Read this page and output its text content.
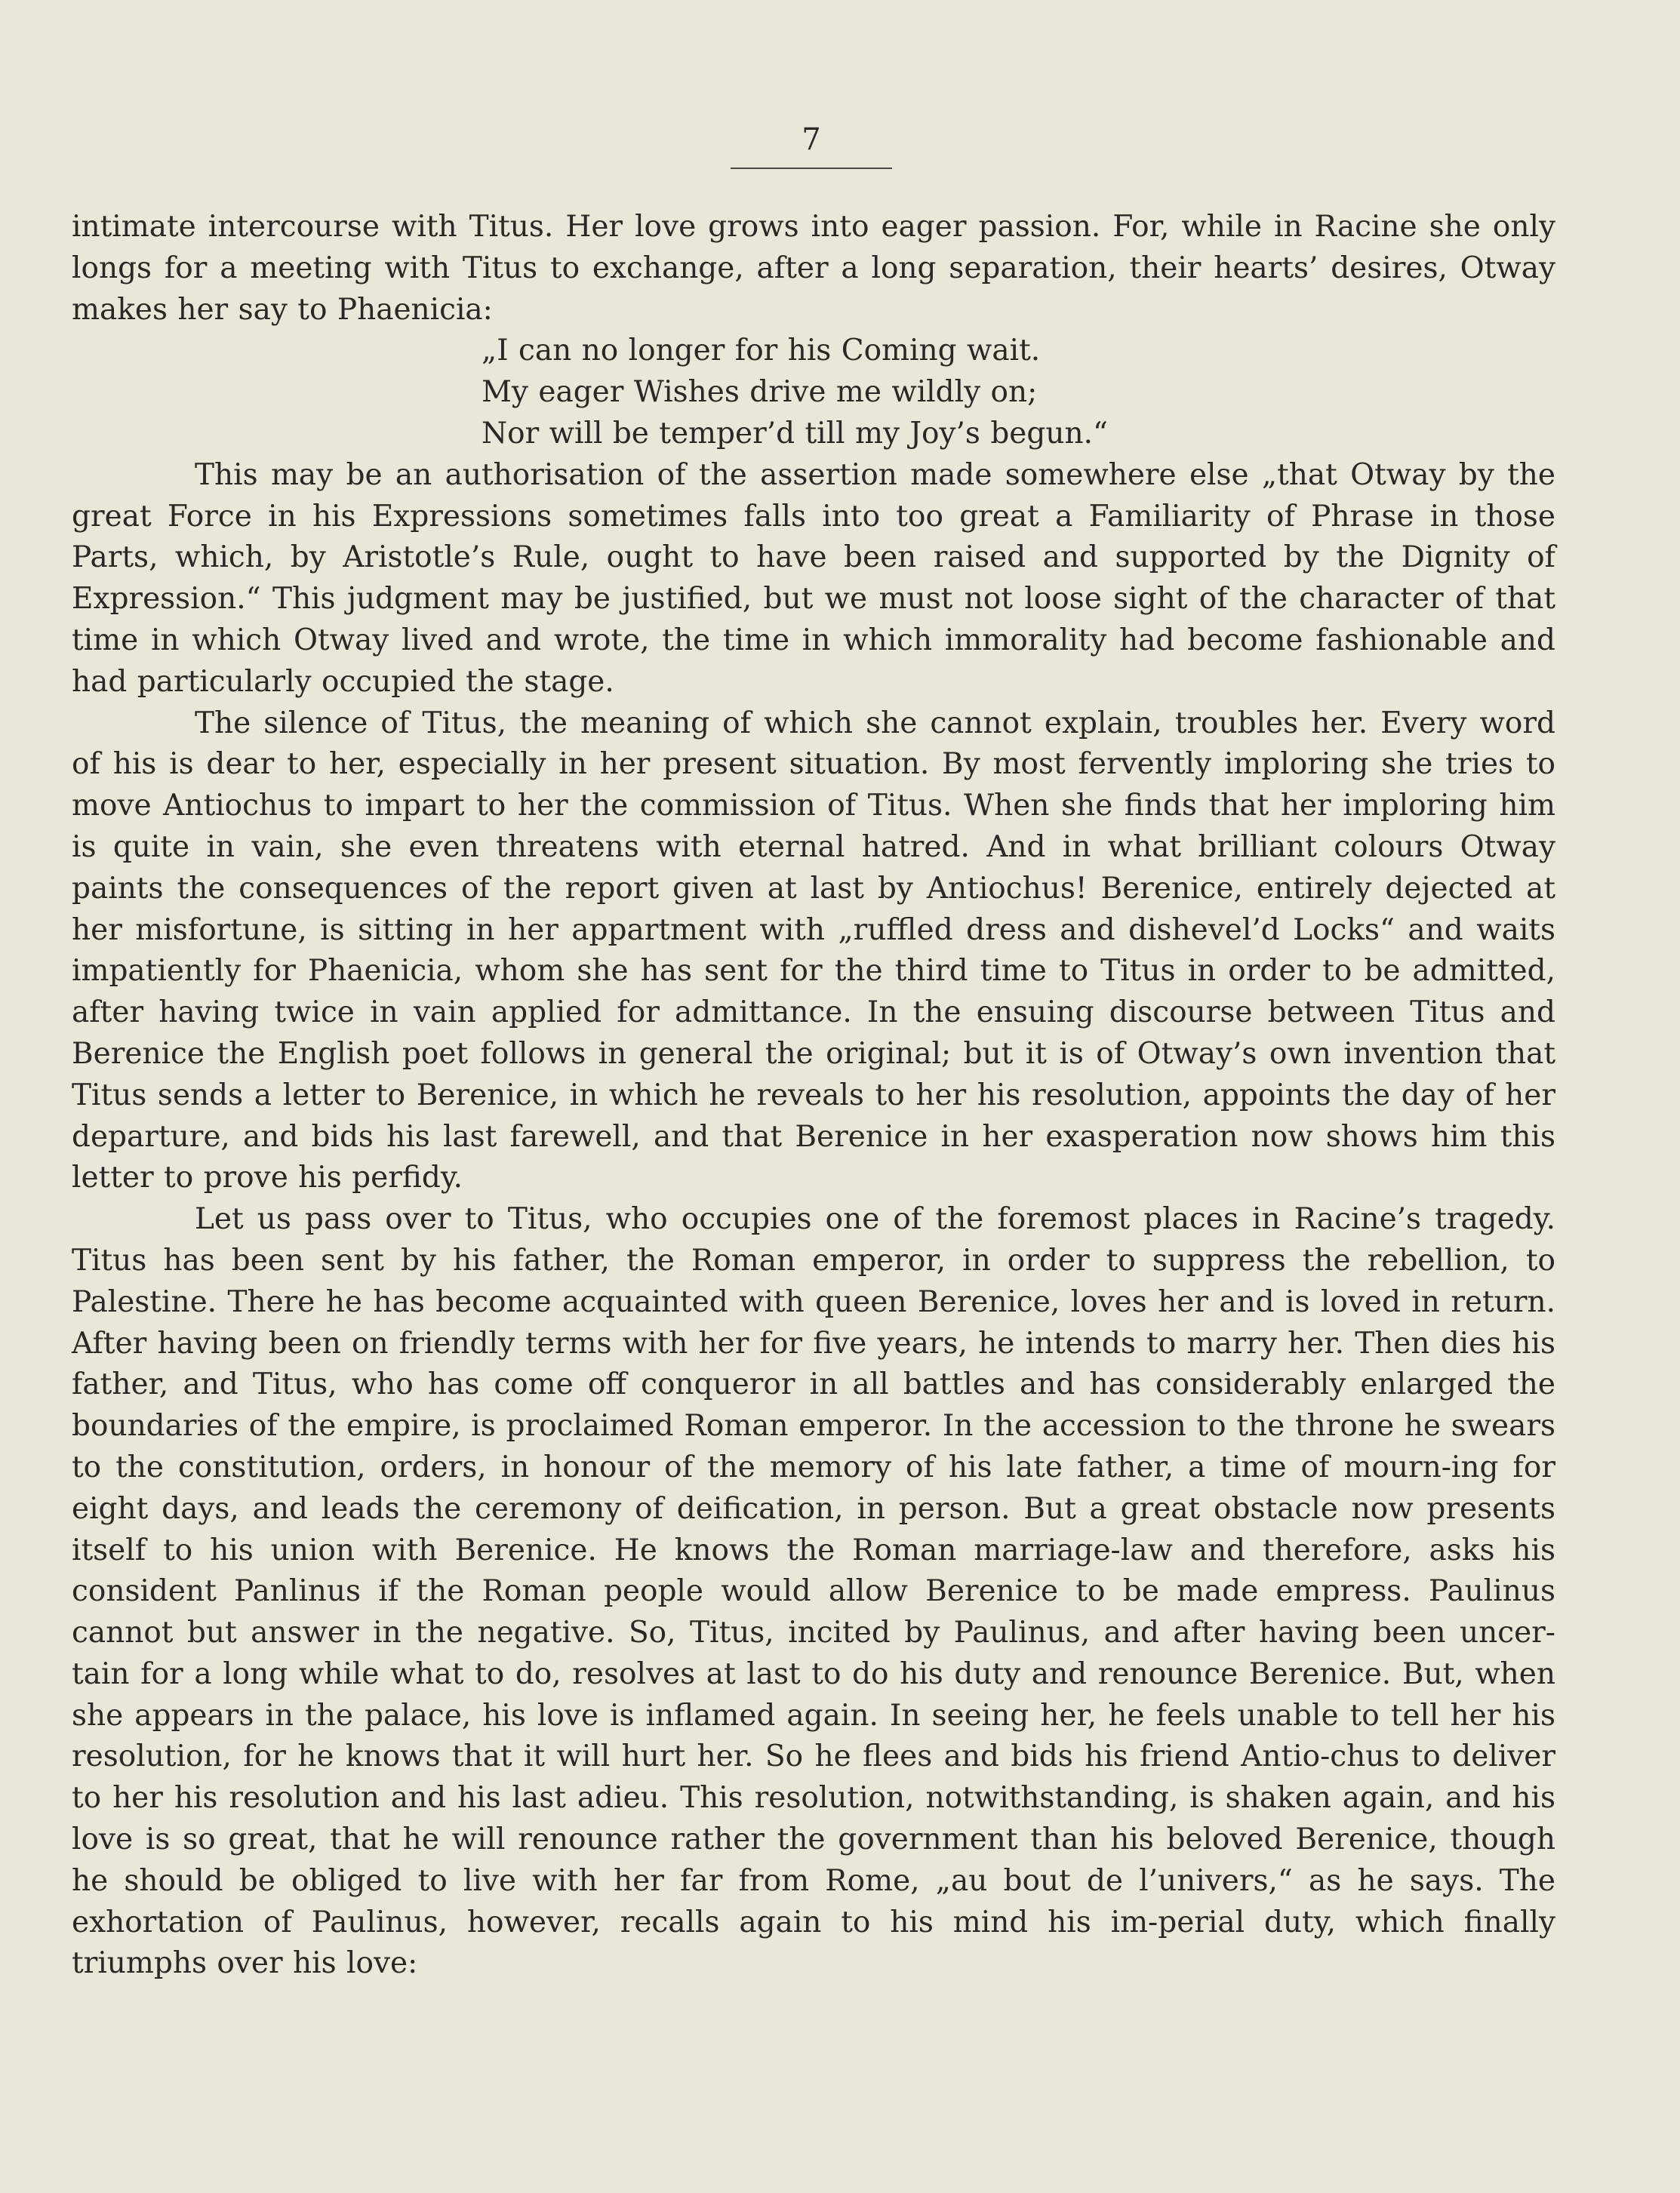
7

intimate intercourse with Titus. Her love grows into eager passion. For, while in Racine she only longs for a meeting with Titus to exchange, after a long separation, their hearts’ desires, Otway makes her say to Phaenicia:

„I can no longer for his Coming wait.
My eager Wishes drive me wildly on;
Nor will be temper’d till my Joy’s begun.“

This may be an authorisation of the assertion made somewhere else „that Otway by the great Force in his Expressions sometimes falls into too great a Familiarity of Phrase in those Parts, which, by Aristotle’s Rule, ought to have been raised and supported by the Dignity of Expression.“ This judgment may be justified, but we must not loose sight of the character of that time in which Otway lived and wrote, the time in which immorality had become fashionable and had particularly occupied the stage.

The silence of Titus, the meaning of which she cannot explain, troubles her. Every word of his is dear to her, especially in her present situation. By most fervently imploring she tries to move Antiochus to impart to her the commission of Titus. When she finds that her imploring him is quite in vain, she even threatens with eternal hatred. And in what brilliant colours Otway paints the consequences of the report given at last by Antiochus! Berenice, entirely dejected at her misfortune, is sitting in her appartment with „ruffled dress and dishevel’d Locks“ and waits impatiently for Phaenicia, whom she has sent for the third time to Titus in order to be admitted, after having twice in vain applied for admittance. In the ensuing discourse between Titus and Berenice the English poet follows in general the original; but it is of Otway’s own invention that Titus sends a letter to Berenice, in which he reveals to her his resolution, appoints the day of her departure, and bids his last farewell, and that Berenice in her exasperation now shows him this letter to prove his perfidy.

Let us pass over to Titus, who occupies one of the foremost places in Racine’s tragedy. Titus has been sent by his father, the Roman emperor, in order to suppress the rebellion, to Palestine. There he has become acquainted with queen Berenice, loves her and is loved in return. After having been on friendly terms with her for five years, he intends to marry her. Then dies his father, and Titus, who has come off conqueror in all battles and has considerably enlarged the boundaries of the empire, is proclaimed Roman emperor. In the accession to the throne he swears to the constitution, orders, in honour of the memory of his late father, a time of mourn-ing for eight days, and leads the ceremony of deification, in person. But a great obstacle now presents itself to his union with Berenice. He knows the Roman marriage-law and therefore, asks his consident Panlinus if the Roman people would allow Berenice to be made empress. Paulinus cannot but answer in the negative. So, Titus, incited by Paulinus, and after having been uncer-tain for a long while what to do, resolves at last to do his duty and renounce Berenice. But, when she appears in the palace, his love is inflamed again. In seeing her, he feels unable to tell her his resolution, for he knows that it will hurt her. So he flees and bids his friend Antio-chus to deliver to her his resolution and his last adieu. This resolution, notwithstanding, is shaken again, and his love is so great, that he will renounce rather the government than his beloved Berenice, though he should be obliged to live with her far from Rome, „au bout de l’univers,“ as he says. The exhortation of Paulinus, however, recalls again to his mind his im-perial duty, which finally triumphs over his love:
